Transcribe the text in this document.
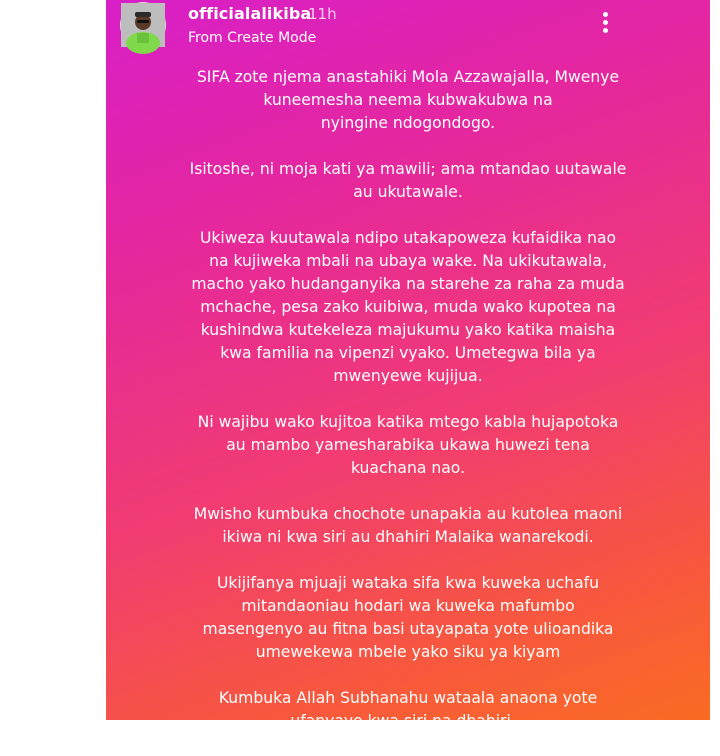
officialalikiba
11h
From Create Mode

SIFA zote njema anastahiki Mola Azzawajalla, Mwenye
kuneemesha neema kubwakubwa na
nyingine ndogondogo.

Isitoshe, ni moja kati ya mawili; ama mtandao uutawale
au ukutawale.

Ukiweza kuutawala ndipo utakapoweza kufaidika nao
na kujiweka mbali na ubaya wake. Na ukikutawala,
macho yako hudanganyika na starehe za raha za muda
mchache, pesa zako kuibiwa, muda wako kupotea na
kushindwa kutekeleza majukumu yako katika maisha
kwa familia na vipenzi vyako. Umetegwa bila ya
mwenyewe kujijua.

Ni wajibu wako kujitoa katika mtego kabla hujapotoka
au mambo yamesharabika ukawa huwezi tena
kuachana nao.

Mwisho kumbuka chochote unapakia au kutolea maoni
ikiwa ni kwa siri au dhahiri Malaika wanarekodi.

Ukijifanya mjuaji wataka sifa kwa kuweka uchafu
mitandaoniau hodari wa kuweka mafumbo
masengenyo au fitna basi utayapata yote ulioandika
umewekewa mbele yako siku ya kiyam

Kumbuka Allah Subhanahu wataala anaona yote
ufanyayo kwa siri na dhahiri...
